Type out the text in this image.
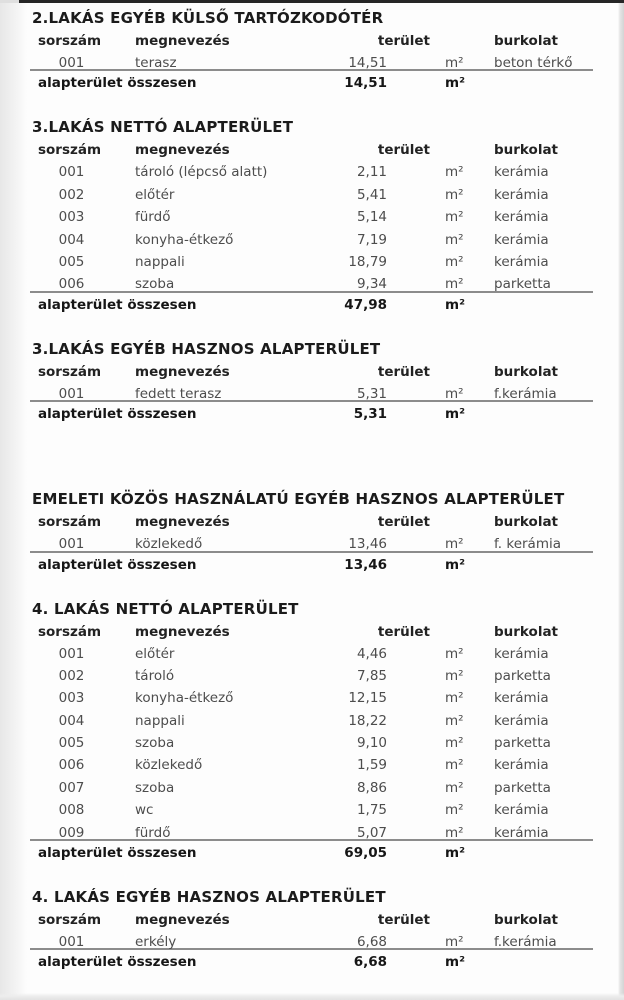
2.LAKÁS EGYÉB KÜLSŐ TARTÓZKODÓTÉR
sorszám	megnevezés	terület	burkolat
001	terasz	14,51	m²	beton térkő
alapterület összesen	14,51	m²
3.LAKÁS NETTÓ ALAPTERÜLET
sorszám	megnevezés	terület	burkolat
001	tároló (lépcső alatt)	2,11	m²	kerámia
002	előtér	5,41	m²	kerámia
003	fürdő	5,14	m²	kerámia
004	konyha-étkező	7,19	m²	kerámia
005	nappali	18,79	m²	kerámia
006	szoba	9,34	m²	parketta
alapterület összesen	47,98	m²
3.LAKÁS EGYÉB HASZNOS ALAPTERÜLET
sorszám	megnevezés	terület	burkolat
001	fedett terasz	5,31	m²	f.kerámia
alapterület összesen	5,31	m²
EMELETI KÖZÖS HASZNÁLATÚ EGYÉB HASZNOS ALAPTERÜLET
sorszám	megnevezés	terület	burkolat
001	közlekedő	13,46	m²	f. kerámia
alapterület összesen	13,46	m²
4. LAKÁS NETTÓ ALAPTERÜLET
sorszám	megnevezés	terület	burkolat
001	előtér	4,46	m²	kerámia
002	tároló	7,85	m²	parketta
003	konyha-étkező	12,15	m²	kerámia
004	nappali	18,22	m²	kerámia
005	szoba	9,10	m²	parketta
006	közlekedő	1,59	m²	kerámia
007	szoba	8,86	m²	parketta
008	wc	1,75	m²	kerámia
009	fürdő	5,07	m²	kerámia
alapterület összesen	69,05	m²
4. LAKÁS EGYÉB HASZNOS ALAPTERÜLET
sorszám	megnevezés	terület	burkolat
001	erkély	6,68	m²	f.kerámia
alapterület összesen	6,68	m²
